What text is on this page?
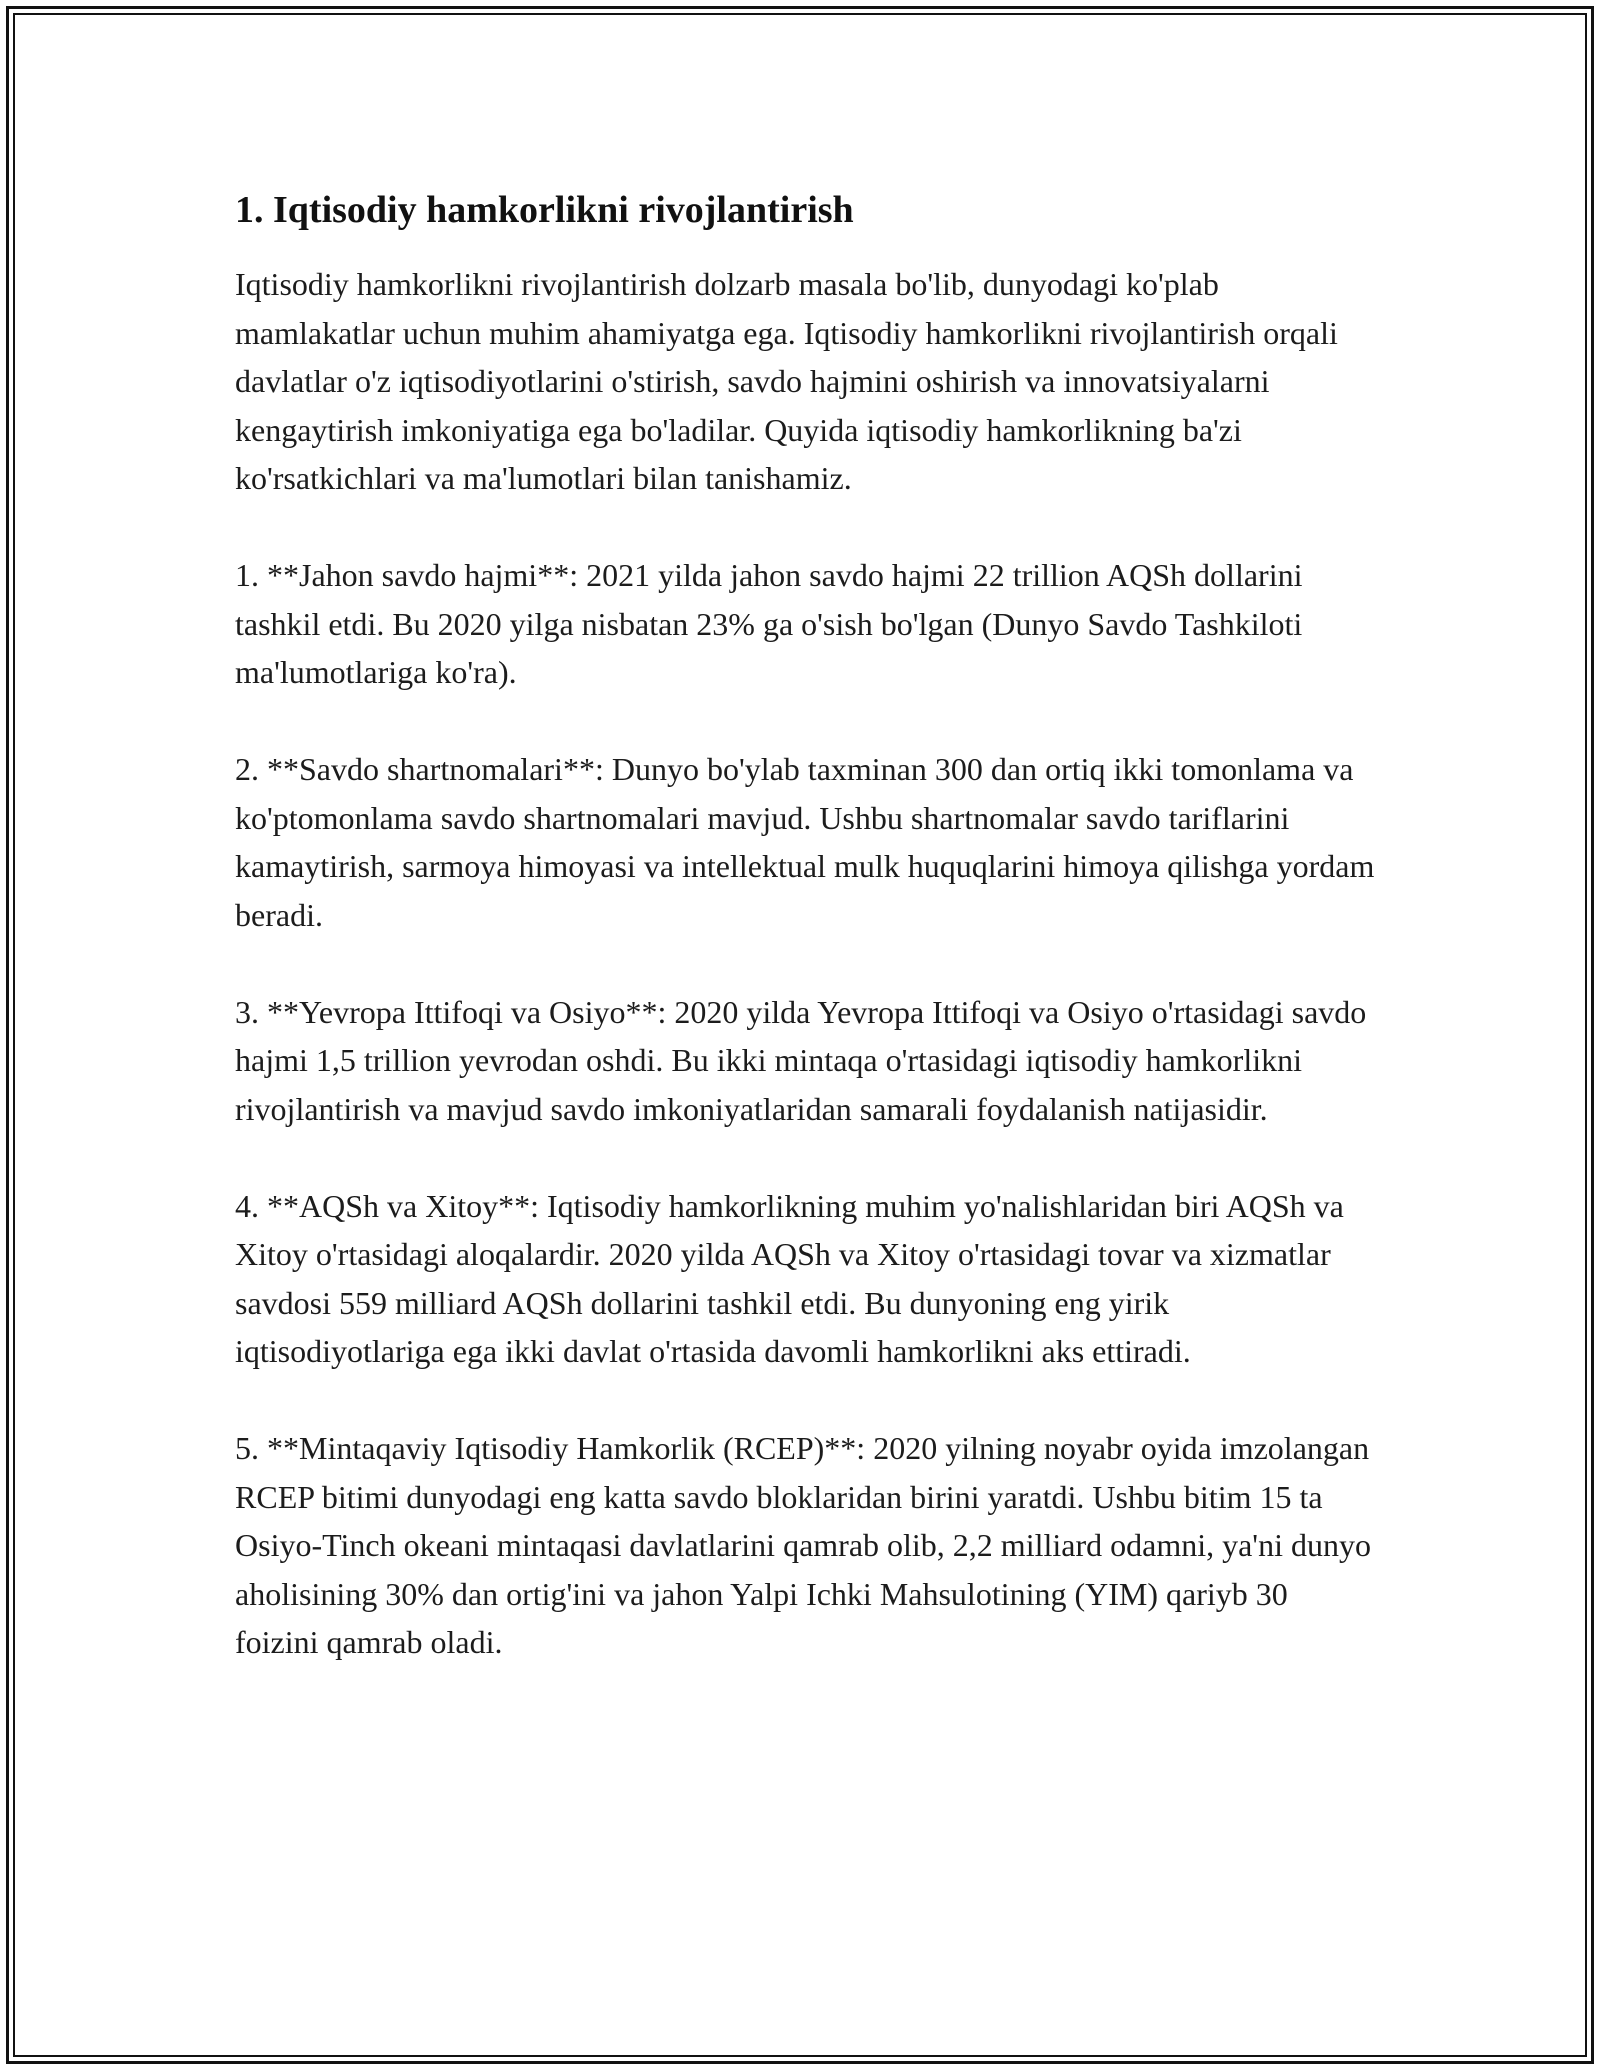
1. Iqtisodiy hamkorlikni rivojlantirish

Iqtisodiy hamkorlikni rivojlantirish dolzarb masala bo'lib, dunyodagi ko'plab mamlakatlar uchun muhim ahamiyatga ega. Iqtisodiy hamkorlikni rivojlantirish orqali davlatlar o'z iqtisodiyotlarini o'stirish, savdo hajmini oshirish va innovatsiyalarni kengaytirish imkoniyatiga ega bo'ladilar. Quyida iqtisodiy hamkorlikning ba'zi ko'rsatkichlari va ma'lumotlari bilan tanishamiz.

1. **Jahon savdo hajmi**: 2021 yilda jahon savdo hajmi 22 trillion AQSh dollarini tashkil etdi. Bu 2020 yilga nisbatan 23% ga o'sish bo'lgan (Dunyo Savdo Tashkiloti ma'lumotlariga ko'ra).

2. **Savdo shartnomalari**: Dunyo bo'ylab taxminan 300 dan ortiq ikki tomonlama va ko'ptomonlama savdo shartnomalari mavjud. Ushbu shartnomalar savdo tariflarini kamaytirish, sarmoya himoyasi va intellektual mulk huquqlarini himoya qilishga yordam beradi.

3. **Yevropa Ittifoqi va Osiyo**: 2020 yilda Yevropa Ittifoqi va Osiyo o'rtasidagi savdo hajmi 1,5 trillion yevrodan oshdi. Bu ikki mintaqa o'rtasidagi iqtisodiy hamkorlikni rivojlantirish va mavjud savdo imkoniyatlaridan samarali foydalanish natijasidir.

4. **AQSh va Xitoy**: Iqtisodiy hamkorlikning muhim yo'nalishlaridan biri AQSh va Xitoy o'rtasidagi aloqalardir. 2020 yilda AQSh va Xitoy o'rtasidagi tovar va xizmatlar savdosi 559 milliard AQSh dollarini tashkil etdi. Bu dunyoning eng yirik iqtisodiyotlariga ega ikki davlat o'rtasida davomli hamkorlikni aks ettiradi.

5. **Mintaqaviy Iqtisodiy Hamkorlik (RCEP)**: 2020 yilning noyabr oyida imzolangan RCEP bitimi dunyodagi eng katta savdo bloklaridan birini yaratdi. Ushbu bitim 15 ta Osiyo-Tinch okeani mintaqasi davlatlarini qamrab olib, 2,2 milliard odamni, ya'ni dunyo aholisining 30% dan ortig'ini va jahon Yalpi Ichki Mahsulotining (YIM) qariyb 30 foizini qamrab oladi.
